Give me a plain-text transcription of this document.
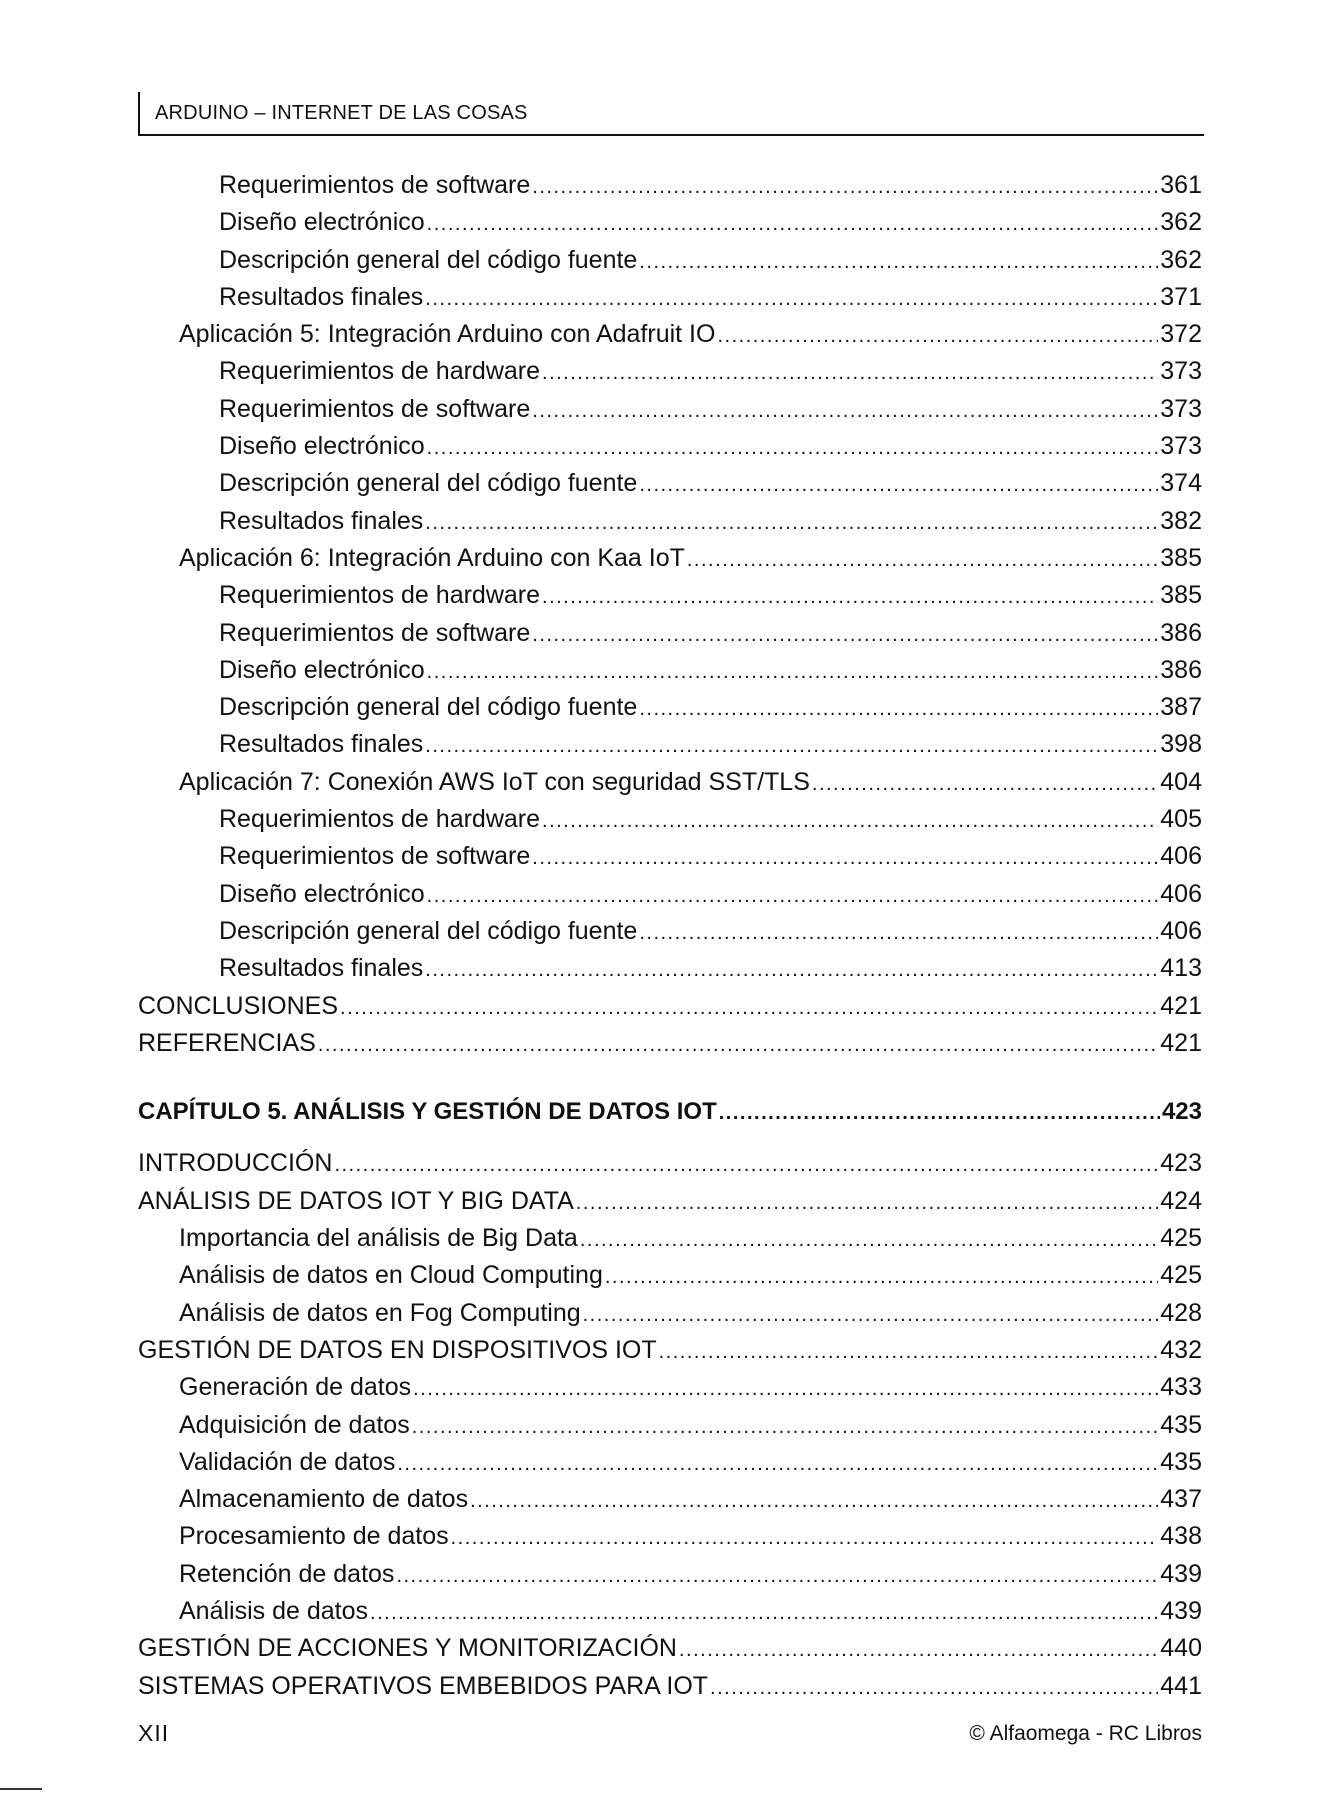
ARDUINO – INTERNET DE LAS COSAS
Requerimientos de software .....	361
Diseño electrónico .....	362
Descripción general del código fuente .....	362
Resultados finales .....	371
Aplicación 5: Integración Arduino con Adafruit IO .....	372
Requerimientos de hardware .....	373
Requerimientos de software .....	373
Diseño electrónico .....	373
Descripción general del código fuente .....	374
Resultados finales .....	382
Aplicación 6: Integración Arduino con Kaa IoT .....	385
Requerimientos de hardware .....	385
Requerimientos de software .....	386
Diseño electrónico .....	386
Descripción general del código fuente .....	387
Resultados finales .....	398
Aplicación 7: Conexión AWS IoT con seguridad SST/TLS .....	404
Requerimientos de hardware .....	405
Requerimientos de software .....	406
Diseño electrónico .....	406
Descripción general del código fuente .....	406
Resultados finales .....	413
CONCLUSIONES .....	421
REFERENCIAS .....	421
CAPÍTULO 5. ANÁLISIS Y GESTIÓN DE DATOS IOT .....	423
INTRODUCCIÓN .....	423
ANÁLISIS DE DATOS IOT Y BIG DATA .....	424
Importancia del análisis de Big Data .....	425
Análisis de datos en Cloud Computing .....	425
Análisis de datos en Fog Computing .....	428
GESTIÓN DE DATOS EN DISPOSITIVOS IOT .....	432
Generación de datos .....	433
Adquisición de datos .....	435
Validación de datos .....	435
Almacenamiento de datos .....	437
Procesamiento de datos .....	438
Retención de datos .....	439
Análisis de datos .....	439
GESTIÓN DE ACCIONES Y MONITORIZACIÓN .....	440
SISTEMAS OPERATIVOS EMBEBIDOS PARA IOT .....	441
XII	© Alfaomega - RC Libros
